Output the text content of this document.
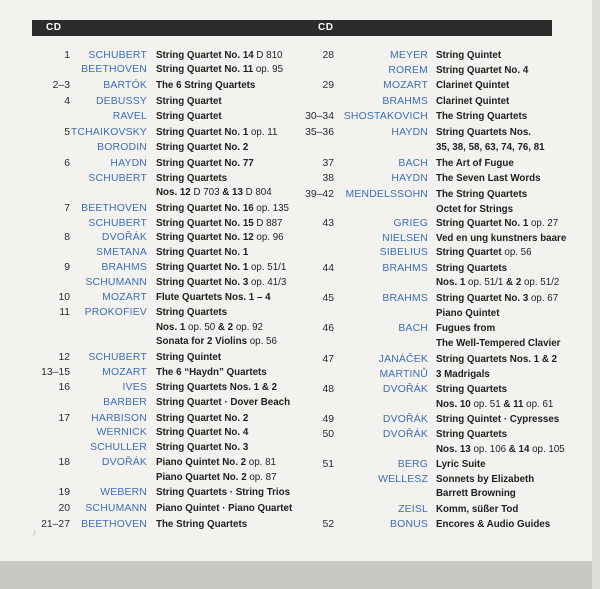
CD
1	SCHUBERT String Quartet No. 14 D 810
BEETHOVEN String Quartet No. 11 op. 95
2–3	BARTÓK The 6 String Quartets
4	DEBUSSY String Quartet
RAVEL String Quartet
5 TCHAIKOVSKY String Quartet No. 1 op. 11
BORODIN String Quartet No. 2
6	HAYDN String Quartet No. 77
SCHUBERT String Quartets
Nos. 12 D 703 & 13 D 804
7	BEETHOVEN String Quartet No. 16 op. 135
SCHUBERT String Quartet No. 15 D 887
8	DVOŘÁK String Quartet No. 12 op. 96
SMETANA String Quartet No. 1
9	BRAHMS String Quartet No. 1 op. 51/1
SCHUMANN String Quartet No. 3 op. 41/3
10	MOZART Flute Quartets Nos. 1 – 4
11	PROKOFIEV String Quartets
Nos. 1 op. 50 & 2 op. 92
Sonata for 2 Violins op. 56
12	SCHUBERT String Quintet
13–15	MOZART The 6 “Haydn” Quartets
16	IVES String Quartets Nos. 1 & 2
BARBER String Quartet · Dover Beach
17	HARBISON String Quartet No. 2
WERNICK String Quartet No. 4
SCHULLER String Quartet No. 3
18	DVOŘÁK Piano Quintet No. 2 op. 81
Piano Quartet No. 2 op. 87
19	WEBERN String Quartets · String Trios
20	SCHUMANN Piano Quintet · Piano Quartet
21–27	BEETHOVEN The String Quartets
CD
28	MEYER String Quintet
ROREM String Quartet No. 4
29	MOZART Clarinet Quintet
BRAHMS Clarinet Quintet
30–34 SHOSTAKOVICH The String Quartets
35–36	HAYDN String Quartets Nos.
35, 38, 58, 63, 74, 76, 81
37	BACH The Art of Fugue
38	HAYDN The Seven Last Words
39–42	MENDELSSOHN The String Quartets
Octet for Strings
43	GRIEG String Quartet No. 1 op. 27
NIELSEN Ved en ung kunstners baare
SIBELIUS String Quartet op. 56
44	BRAHMS String Quartets
Nos. 1 op. 51/1 & 2 op. 51/2
45	BRAHMS String Quartet No. 3 op. 67
Piano Quintet
46	BACH Fugues from
The Well-Tempered Clavier
47	JANÁČEK String Quartets Nos. 1 & 2
MARTINŮ 3 Madrigals
48	DVOŘÁK String Quartets
Nos. 10 op. 51 & 11 op. 61
49	DVOŘÁK String Quintet · Cypresses
50	DVOŘÁK String Quartets
Nos. 13 op. 106 & 14 op. 105
51	BERG Lyric Suite
WELLESZ Sonnets by Elizabeth
Barrett Browning
ZEISL Komm, süßer Tod
52	BONUS Encores & Audio Guides
♪
